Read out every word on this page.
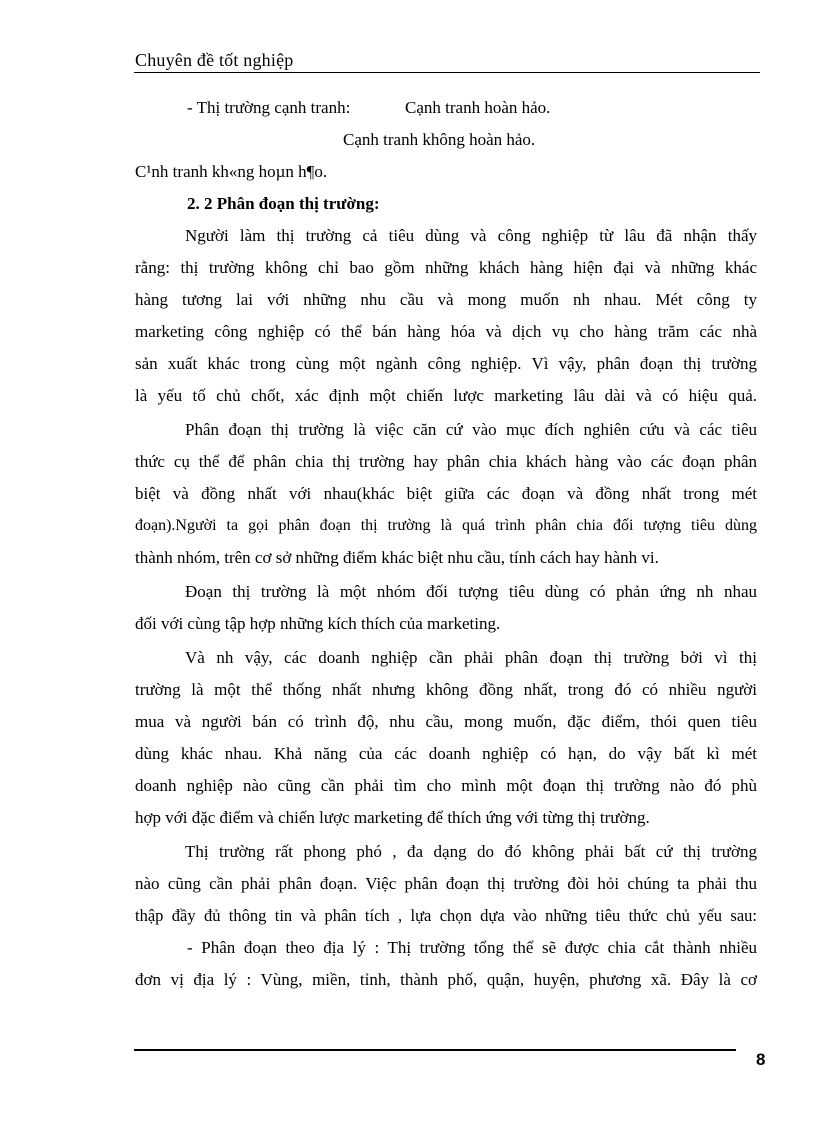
Chuyên đề tốt nghiệp
- Thị trường cạnh tranh:	Cạnh tranh hoàn hảo.
Cạnh tranh không hoàn hảo.
C¹nh tranh kh«ng hoµn h¶o.
2. 2 Phân đoạn thị trường:
Người làm thị trường cả tiêu dùng và công nghiệp từ lâu đã nhận thấy
rằng: thị trường không chỉ bao gồm những khách hàng hiện đại và những khác
hàng tương lai với những nhu cầu và mong muốn nh nhau. Mét công ty
marketing công nghiệp có thể bán hàng hóa và dịch vụ cho hàng trăm các nhà
sản xuất khác trong cùng một ngành công nghiệp. Vì vậy, phân đoạn thị trường
là yếu tố chủ chốt, xác định một chiến lược marketing lâu dài và có hiệu quả.
Phân đoạn thị trường là việc căn cứ vào mục đích nghiên cứu và các tiêu
thức cụ thể để phân chia thị trường hay phân chia khách hàng vào các đoạn phân
biệt và đồng nhất với nhau(khác biệt giữa các đoạn và đồng nhất trong mét
đoạn).Người ta gọi phân đoạn thị trường là quá trình phân chia đối tượng tiêu dùng
thành nhóm, trên cơ sở những điểm khác biệt nhu cầu, tính cách hay hành vi.
Đoạn thị trường là một nhóm đối tượng tiêu dùng có phản ứng nh nhau
đối với cùng tập hợp những kích thích của marketing.
Và nh vậy, các doanh nghiệp cần phải phân đoạn thị trường bởi vì thị
trường là một thể thống nhất nhưng không đồng nhất, trong đó có nhiều người
mua và người bán có trình độ, nhu cầu, mong muốn, đặc điểm, thói quen tiêu
dùng khác nhau. Khả năng của các doanh nghiệp có hạn, do vậy bất kì mét
doanh nghiệp nào cũng cần phải tìm cho mình một đoạn thị trường nào đó phù
hợp với đặc điểm và chiến lược marketing để thích ứng với từng thị trường.
Thị trường rất phong phó , đa dạng do đó không phải bất cứ thị trường
nào cũng cần phải phân đoạn. Việc phân đoạn thị trường đòi hỏi chúng ta phải thu
thập đầy đủ thông tin và phân tích , lựa chọn dựa vào những tiêu thức chủ yếu sau:
- Phân đoạn theo địa lý : Thị trường tổng thể sẽ được chia cắt thành nhiều
đơn vị địa lý : Vùng, miền, tỉnh, thành phố, quận, huyện, phương xã. Đây là cơ
8
